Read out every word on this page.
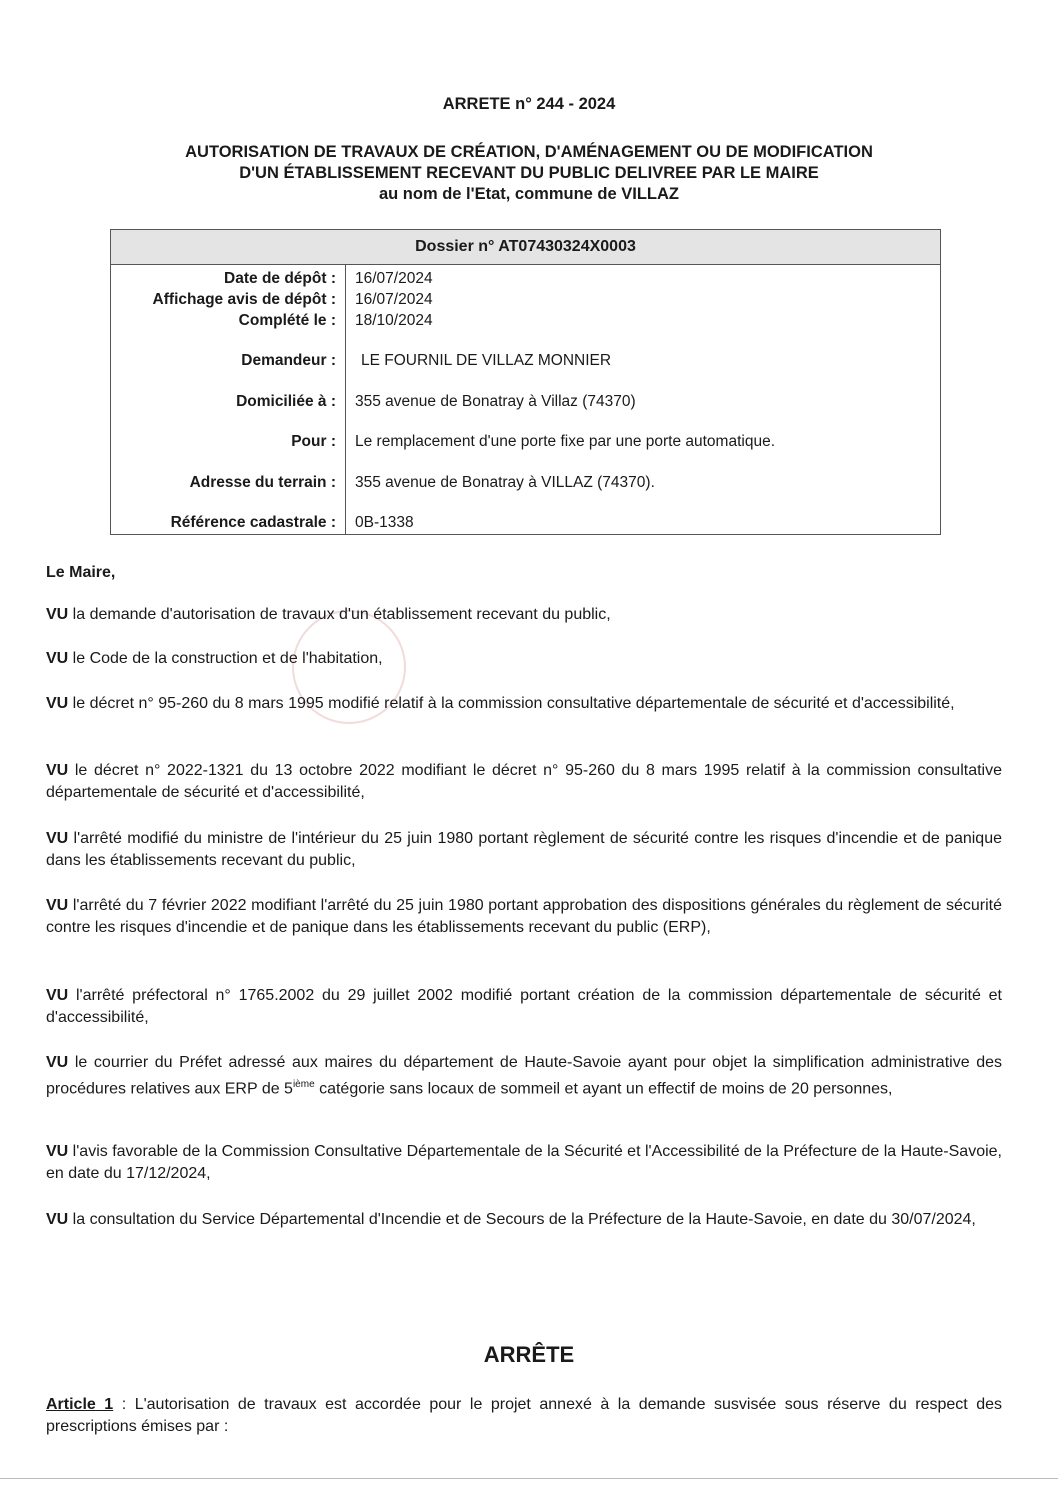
ARRETE n° 244 - 2024
AUTORISATION DE TRAVAUX DE CRÉATION, D'AMÉNAGEMENT OU DE MODIFICATION
D'UN ÉTABLISSEMENT RECEVANT DU PUBLIC DELIVREE PAR LE MAIRE
au nom de l'Etat, commune de VILLAZ
Dossier n° AT07430324X0003
Date de dépôt : 16/07/2024
Affichage avis de dépôt : 16/07/2024
Complété le : 18/10/2024
Demandeur : LE FOURNIL DE VILLAZ MONNIER
Domiciliée à : 355 avenue de Bonatray à Villaz (74370)
Pour : Le remplacement d'une porte fixe par une porte automatique.
Adresse du terrain : 355 avenue de Bonatray à VILLAZ (74370).
Référence cadastrale : 0B-1338
Le Maire,
VU la demande d'autorisation de travaux d'un établissement recevant du public,
VU le Code de la construction et de l'habitation,
VU le décret n° 95-260 du 8 mars 1995 modifié relatif à la commission consultative départementale de sécurité et d'accessibilité,
VU le décret n° 2022-1321 du 13 octobre 2022 modifiant le décret n° 95-260 du 8 mars 1995 relatif à la commission consultative départementale de sécurité et d'accessibilité,
VU l'arrêté modifié du ministre de l'intérieur du 25 juin 1980 portant règlement de sécurité contre les risques d'incendie et de panique dans les établissements recevant du public,
VU l'arrêté du 7 février 2022 modifiant l'arrêté du 25 juin 1980 portant approbation des dispositions générales du règlement de sécurité contre les risques d'incendie et de panique dans les établissements recevant du public (ERP),
VU l'arrêté préfectoral n° 1765.2002 du 29 juillet 2002 modifié portant création de la commission départementale de sécurité et d'accessibilité,
VU le courrier du Préfet adressé aux maires du département de Haute-Savoie ayant pour objet la simplification administrative des procédures relatives aux ERP de 5ième catégorie sans locaux de sommeil et ayant un effectif de moins de 20 personnes,
VU l'avis favorable de la Commission Consultative Départementale de la Sécurité et l'Accessibilité de la Préfecture de la Haute-Savoie, en date du 17/12/2024,
VU la consultation du Service Départemental d'Incendie et de Secours de la Préfecture de la Haute-Savoie, en date du 30/07/2024,
ARRÊTE
Article 1 : L'autorisation de travaux est accordée pour le projet annexé à la demande susvisée sous réserve du respect des prescriptions émises par :
